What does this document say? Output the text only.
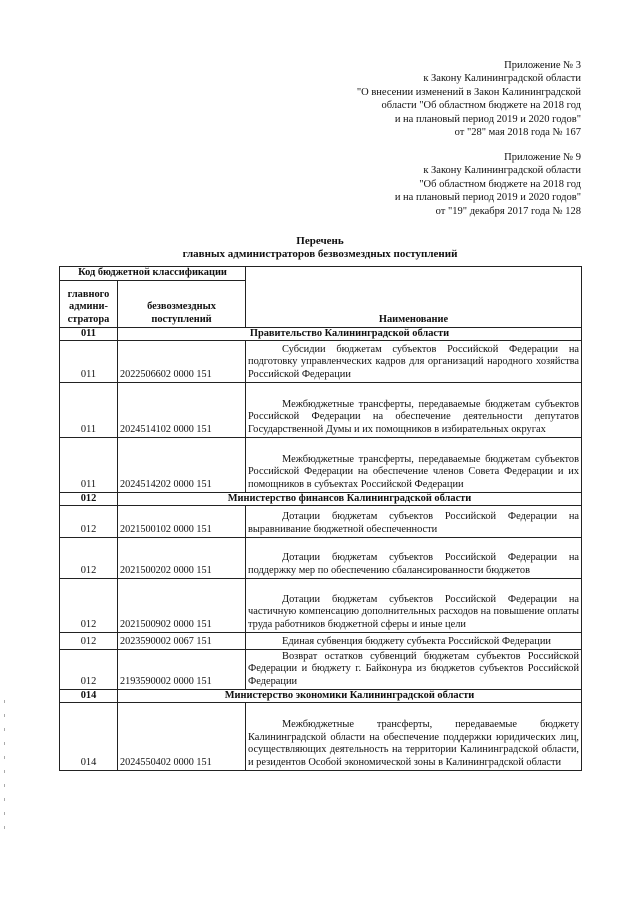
Приложение № 3
к Закону Калининградской области
"О внесении изменений в Закон Калининградской
области "Об областном бюджете на 2018 год
и на плановый период 2019 и 2020 годов"
от "28" мая 2018 года № 167
Приложение № 9
к Закону Калининградской области
"Об областном бюджете на 2018 год
и на плановый период 2019 и 2020 годов"
от "19" декабря 2017 года № 128
Перечень
главных администраторов безвозмездных поступлений
Код бюджетной классификации		Наименование
главного админи-стратора	безвозмездных поступлений	
011	Правительство Калининградской области	
011	2022506602 0000 151	Субсидии бюджетам субъектов Российской Федерации на подготовку управленческих кадров для организаций народного хозяйства Российской Федерации
011	2024514102 0000 151	Межбюджетные трансферты, передаваемые бюджетам субъектов Российской Федерации на обеспечение деятельности депутатов Государственной Думы и их помощников в избирательных округах
011	2024514202 0000 151	Межбюджетные трансферты, передаваемые бюджетам субъектов Российской Федерации на обеспечение членов Совета Федерации и их помощников в субъектах Российской Федерации
012	Министерство финансов Калининградской области	
012	2021500102 0000 151	Дотации бюджетам субъектов Российской Федерации на выравнивание бюджетной обеспеченности
012	2021500202 0000 151	Дотации бюджетам субъектов Российской Федерации на поддержку мер по обеспечению сбалансированности бюджетов
012	2021500902 0000 151	Дотации бюджетам субъектов Российской Федерации на частичную компенсацию дополнительных расходов на повышение оплаты труда работников бюджетной сферы и иные цели
012	2023590002 0067 151	Единая субвенция бюджету субъекта Российской Федерации
012	2193590002 0000 151	Возврат остатков субвенций бюджетам субъектов Российской Федерации и бюджету г. Байконура из бюджетов субъектов Российской Федерации
014	Министерство экономики Калининградской области	
014	2024550402 0000 151	Межбюджетные трансферты, передаваемые бюджету Калининградской области на обеспечение поддержки юридических лиц, осуществляющих деятельность на территории Калининградской области, и резидентов Особой экономической зоны в Калининградской области
